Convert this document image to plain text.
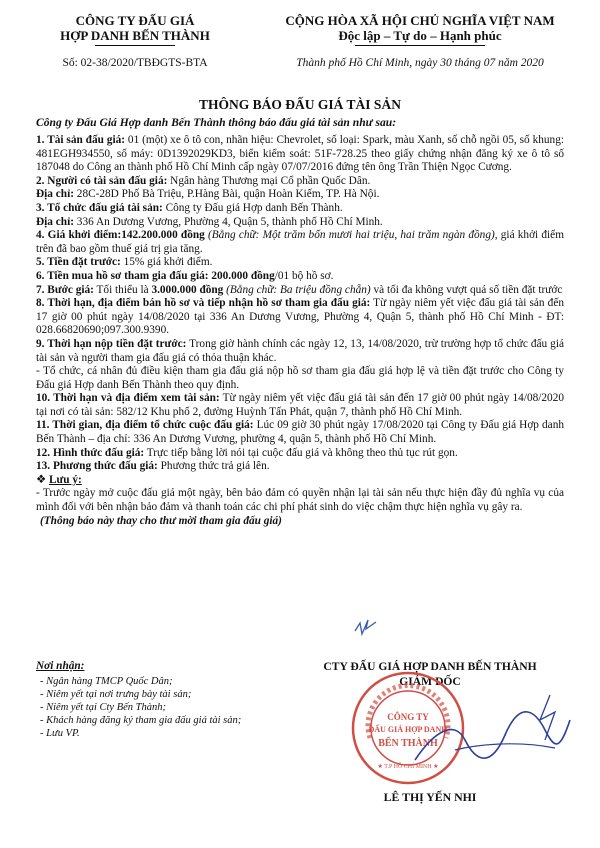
CÔNG TY ĐẤU GIÁ
HỢP DANH BẾN THÀNH
Số: 02-38/2020/TBĐGTS-BTA
CỘNG HÒA XÃ HỘI CHỦ NGHĨA VIỆT NAM
Độc lập – Tự do – Hạnh phúc
Thành phố Hồ Chí Minh, ngày 30 tháng 07 năm 2020
THÔNG BÁO ĐẤU GIÁ TÀI SẢN
Công ty Đấu Giá Hợp danh Bến Thành thông báo đấu giá tài sản như sau:

1. Tài sản đấu giá: 01 (một) xe ô tô con, nhãn hiệu: Chevrolet, số loại: Spark, màu Xanh, số chỗ ngồi 05, số khung: 481EGH934550, số máy: 0D1392029KD3, biển kiểm soát: 51F-728.25 theo giấy chứng nhận đăng ký xe ô tô số 187048 do Công an thành phố Hồ Chí Minh cấp ngày 07/07/2016 đứng tên ông Trần Thiện Ngọc Cương.

2. Người có tài sản đấu giá: Ngân hàng Thương mại Cổ phần Quốc Dân.

Địa chỉ: 28C-28D Phố Bà Triệu, P.Hàng Bài, quận Hoàn Kiếm, TP. Hà Nội.

3. Tổ chức đấu giá tài sản: Công ty Đấu giá Hợp danh Bến Thành.

Địa chỉ: 336 An Dương Vương, Phường 4, Quận 5, thành phố Hồ Chí Minh.

4. Giá khởi điểm:142.200.000 đồng (Bằng chữ: Một trăm bốn mươi hai triệu, hai trăm ngàn đồng), giá khởi điểm trên đã bao gồm thuế giá trị gia tăng.

5. Tiền đặt trước: 15% giá khởi điểm.

6. Tiền mua hồ sơ tham gia đấu giá: 200.000 đồng/01 bộ hồ sơ.

7. Bước giá: Tối thiểu là 3.000.000 đồng (Bằng chữ: Ba triệu đồng chẵn) và tối đa không vượt quá số tiền đặt trước

8. Thời hạn, địa điểm bán hồ sơ và tiếp nhận hồ sơ tham gia đấu giá: Từ ngày niêm yết việc đấu giá tài sản đến 17 giờ 00 phút ngày 14/08/2020 tại 336 An Dương Vương, Phường 4, Quận 5, thành phố Hồ Chí Minh - ĐT: 028.66820690;097.300.9390.

9. Thời hạn nộp tiền đặt trước: Trong giờ hành chính các ngày 12, 13, 14/08/2020, trừ trường hợp tổ chức đấu giá tài sản và người tham gia đấu giá có thỏa thuận khác.

- Tổ chức, cá nhân đủ điều kiện tham gia đấu giá nộp hồ sơ tham gia đấu giá hợp lệ và tiền đặt trước cho Công ty Đấu giá Hợp danh Bến Thành theo quy định.

10. Thời hạn và địa điểm xem tài sản: Từ ngày niêm yết việc đấu giá tài sản đến 17 giờ 00 phút ngày 14/08/2020 tại nơi có tài sản: 582/12 Khu phố 2, đường Huỳnh Tấn Phát, quận 7, thành phố Hồ Chí Minh.

11. Thời gian, địa điểm tổ chức cuộc đấu giá: Lúc 09 giờ 30 phút ngày 17/08/2020 tại Công ty Đấu giá Hợp danh Bến Thành – địa chỉ: 336 An Dương Vương, phường 4, quận 5, thành phố Hồ Chí Minh.

12. Hình thức đấu giá: Trực tiếp bằng lời nói tại cuộc đấu giá và không theo thủ tục rút gọn.

13. Phương thức đấu giá: Phương thức trả giá lên.

❖ Lưu ý:

- Trước ngày mở cuộc đấu giá một ngày, bên bảo đảm có quyền nhận lại tài sản nếu thực hiện đầy đủ nghĩa vụ của mình đối với bên nhận bảo đảm và thanh toán các chi phí phát sinh do việc chậm thực hiện nghĩa vụ gây ra.

(Thông báo này thay cho thư mời tham gia đấu giá)

Nơi nhận:
- Ngân hàng TMCP Quốc Dân;
- Niêm yết tại nơi trưng bày tài sản;
- Niêm yết tại Cty Bến Thành;
- Khách hàng đăng ký tham gia đấu giá tài sản;
- Lưu VP.
CTY ĐẤU GIÁ HỢP DANH BẾN THÀNH
GIÁM ĐỐC
CÔNG TY
ĐẤU GIÁ HỢP DANH
BẾN THÀNH
★ T.P HỒ CHÍ MINH ★
LÊ THỊ YẾN NHI
